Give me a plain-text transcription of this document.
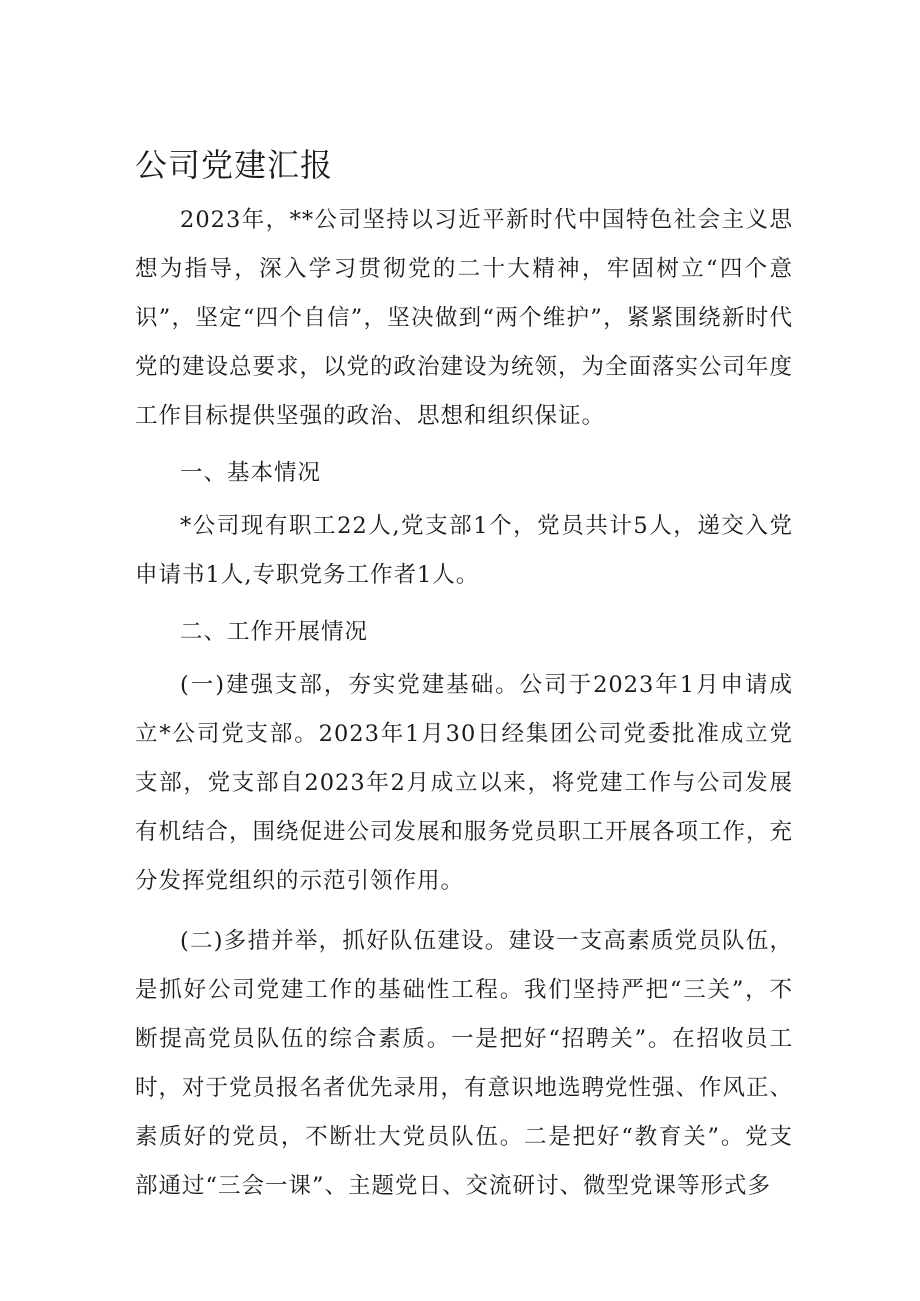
公司党建汇报

2023年，**公司坚持以习近平新时代中国特色社会主义思想为指导，深入学习贯彻党的二十大精神，牢固树立“四个意识”，坚定“四个自信”，坚决做到“两个维护”，紧紧围绕新时代党的建设总要求，以党的政治建设为统领，为全面落实公司年度工作目标提供坚强的政治、思想和组织保证。

一、基本情况

*公司现有职工22人,党支部1个，党员共计5人，递交入党申请书1人,专职党务工作者1人。

二、工作开展情况

(一)建强支部，夯实党建基础。公司于2023年1月申请成立*公司党支部。2023年1月30日经集团公司党委批准成立党支部，党支部自2023年2月成立以来，将党建工作与公司发展有机结合，围绕促进公司发展和服务党员职工开展各项工作，充分发挥党组织的示范引领作用。

(二)多措并举，抓好队伍建设。建设一支高素质党员队伍，是抓好公司党建工作的基础性工程。我们坚持严把“三关”，不断提高党员队伍的综合素质。一是把好“招聘关”。在招收员工时，对于党员报名者优先录用，有意识地选聘党性强、作风正、素质好的党员，不断壮大党员队伍。二是把好“教育关”。党支部通过“三会一课”、主题党日、交流研讨、微型党课等形式多
